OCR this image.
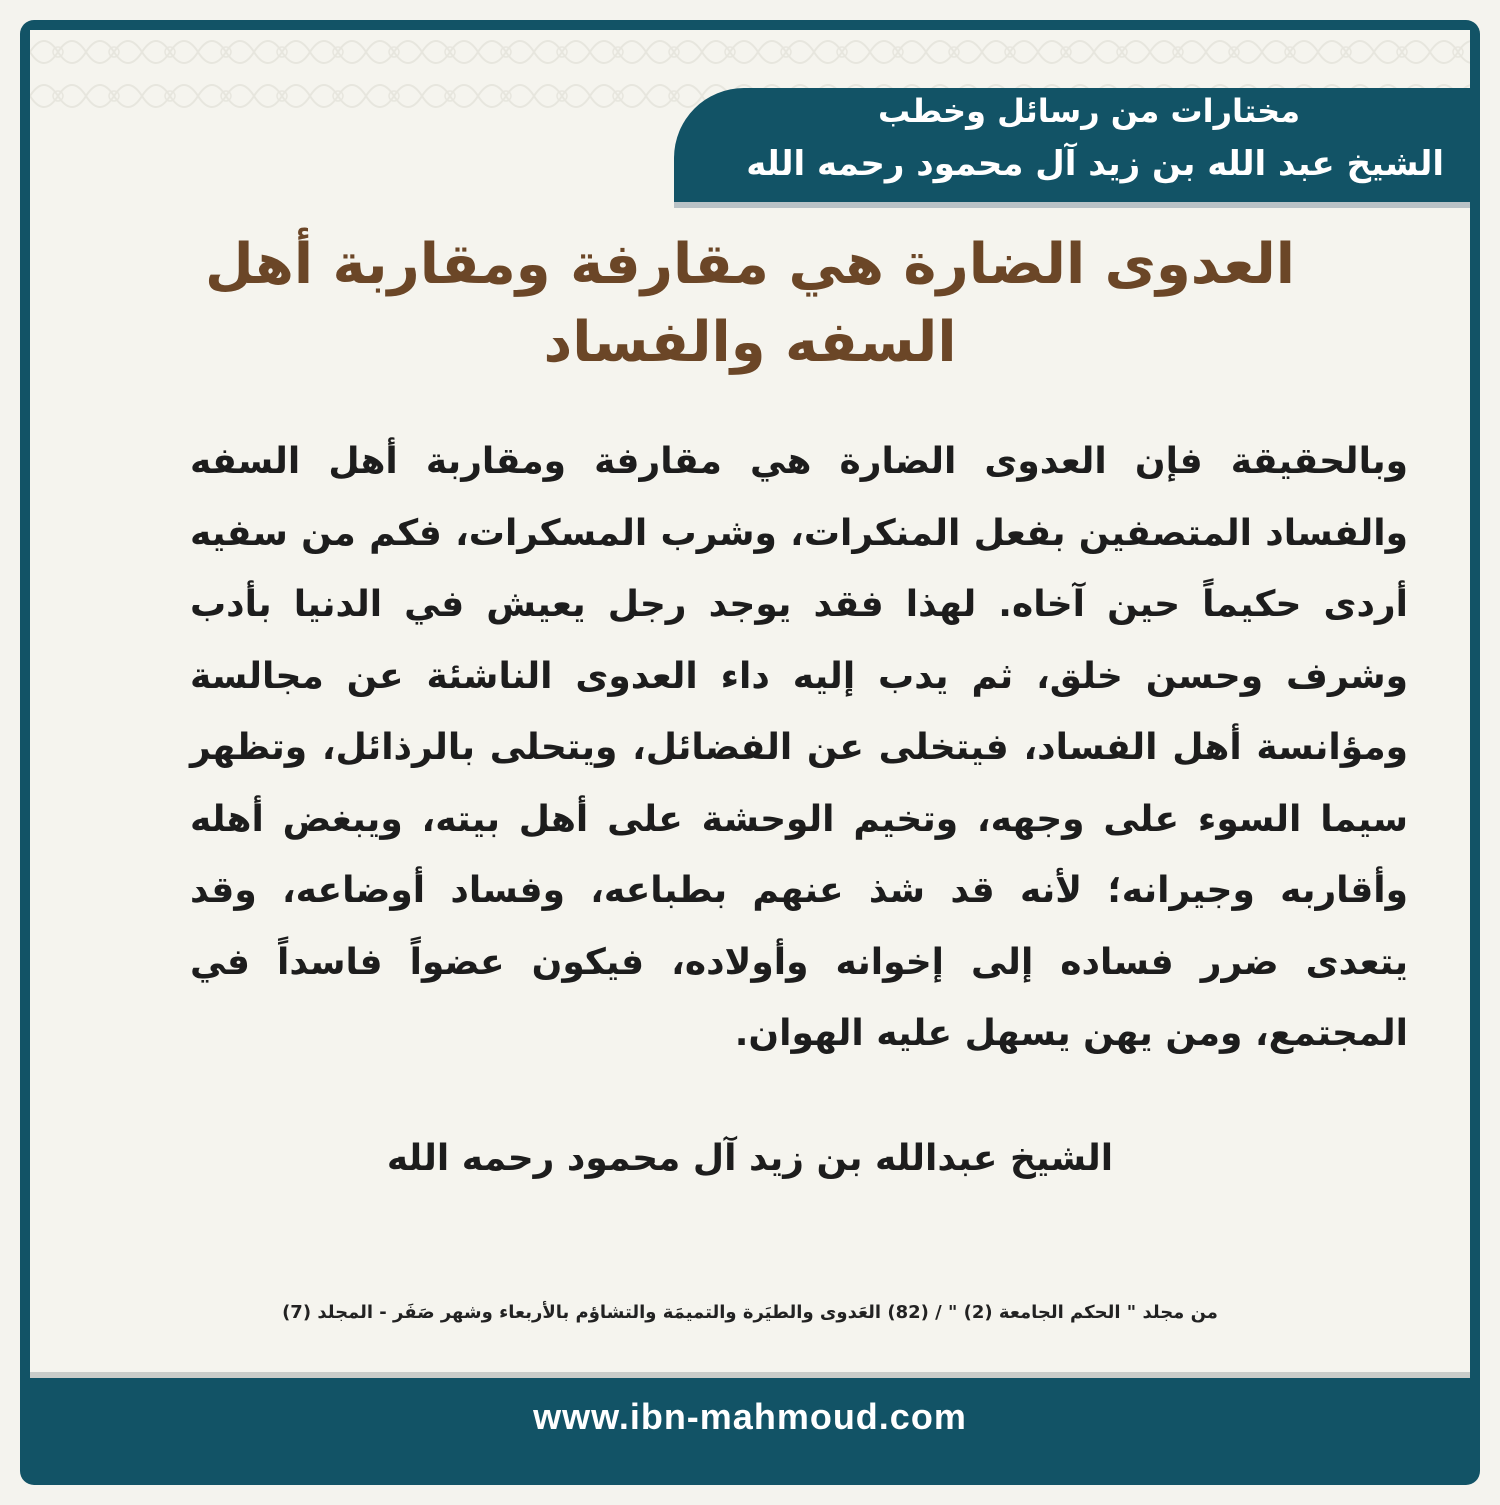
مختارات من رسائل وخطب
الشيخ عبد الله بن زيد آل محمود رحمه الله
العدوى الضارة هي مقارفة ومقاربة أهل السفه والفساد
وبالحقيقة فإن العدوى الضارة هي مقارفة ومقاربة أهل السفه والفساد المتصفين بفعل المنكرات، وشرب المسكرات، فكم من سفيه أردى حكيماً حين آخاه. لهذا فقد يوجد رجل يعيش في الدنيا بأدب وشرف وحسن خلق، ثم يدب إليه داء العدوى الناشئة عن مجالسة ومؤانسة أهل الفساد، فيتخلى عن الفضائل، ويتحلى بالرذائل، وتظهر سيما السوء على وجهه، وتخيم الوحشة على أهل بيته، ويبغض أهله وأقاربه وجيرانه؛ لأنه قد شذ عنهم بطباعه، وفساد أوضاعه، وقد يتعدى ضرر فساده إلى إخوانه وأولاده، فيكون عضواً فاسداً في المجتمع، ومن يهن يسهل عليه الهوان.
الشيخ عبدالله بن زيد آل محمود رحمه الله
من مجلد " الحكم الجامعة (2) " / (82) العَدوى والطيَرة والتميمَة والتشاؤم بالأربعاء وشهر صَفَر - المجلد (7)
www.ibn-mahmoud.com
